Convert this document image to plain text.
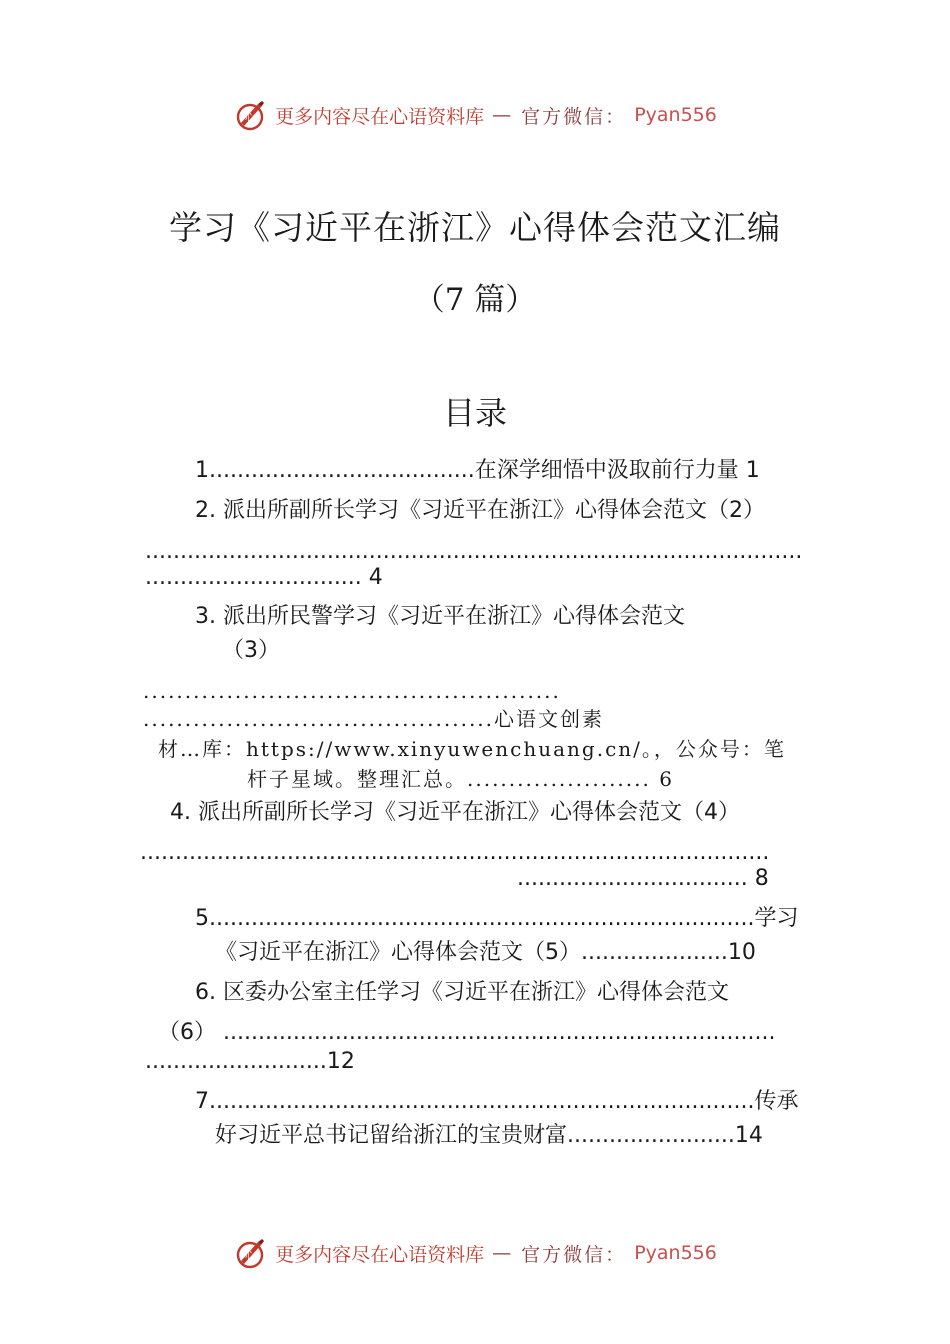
心 更多内容尽在心语资料库 — 官方微信： Pyan556
学习《习近平在浙江》心得体会范文汇编
（7 篇）
目录
1......................................在深学细悟中汲取前行力量 1
2. 派出所副所长学习《习近平在浙江》心得体会范文（2）
..............................................................................................
............................... 4
3. 派出所民警学习《习近平在浙江》心得体会范文
（3）
..................................................
..........................................心语文创素
材…库：https://www.xinyuwenchuang.cn/。，公众号：笔
杆子星域。整理汇总。...................... 6
4. 派出所副所长学习《习近平在浙江》心得体会范文（4）
..........................................................................................
................................. 8
5..............................................................................学习
《习近平在浙江》心得体会范文（5）.....................10
6. 区委办公室主任学习《习近平在浙江》心得体会范文
（6） ...............................................................................
..........................12
7..............................................................................传承
好习近平总书记留给浙江的宝贵财富........................14
心 更多内容尽在心语资料库 — 官方微信： Pyan556
